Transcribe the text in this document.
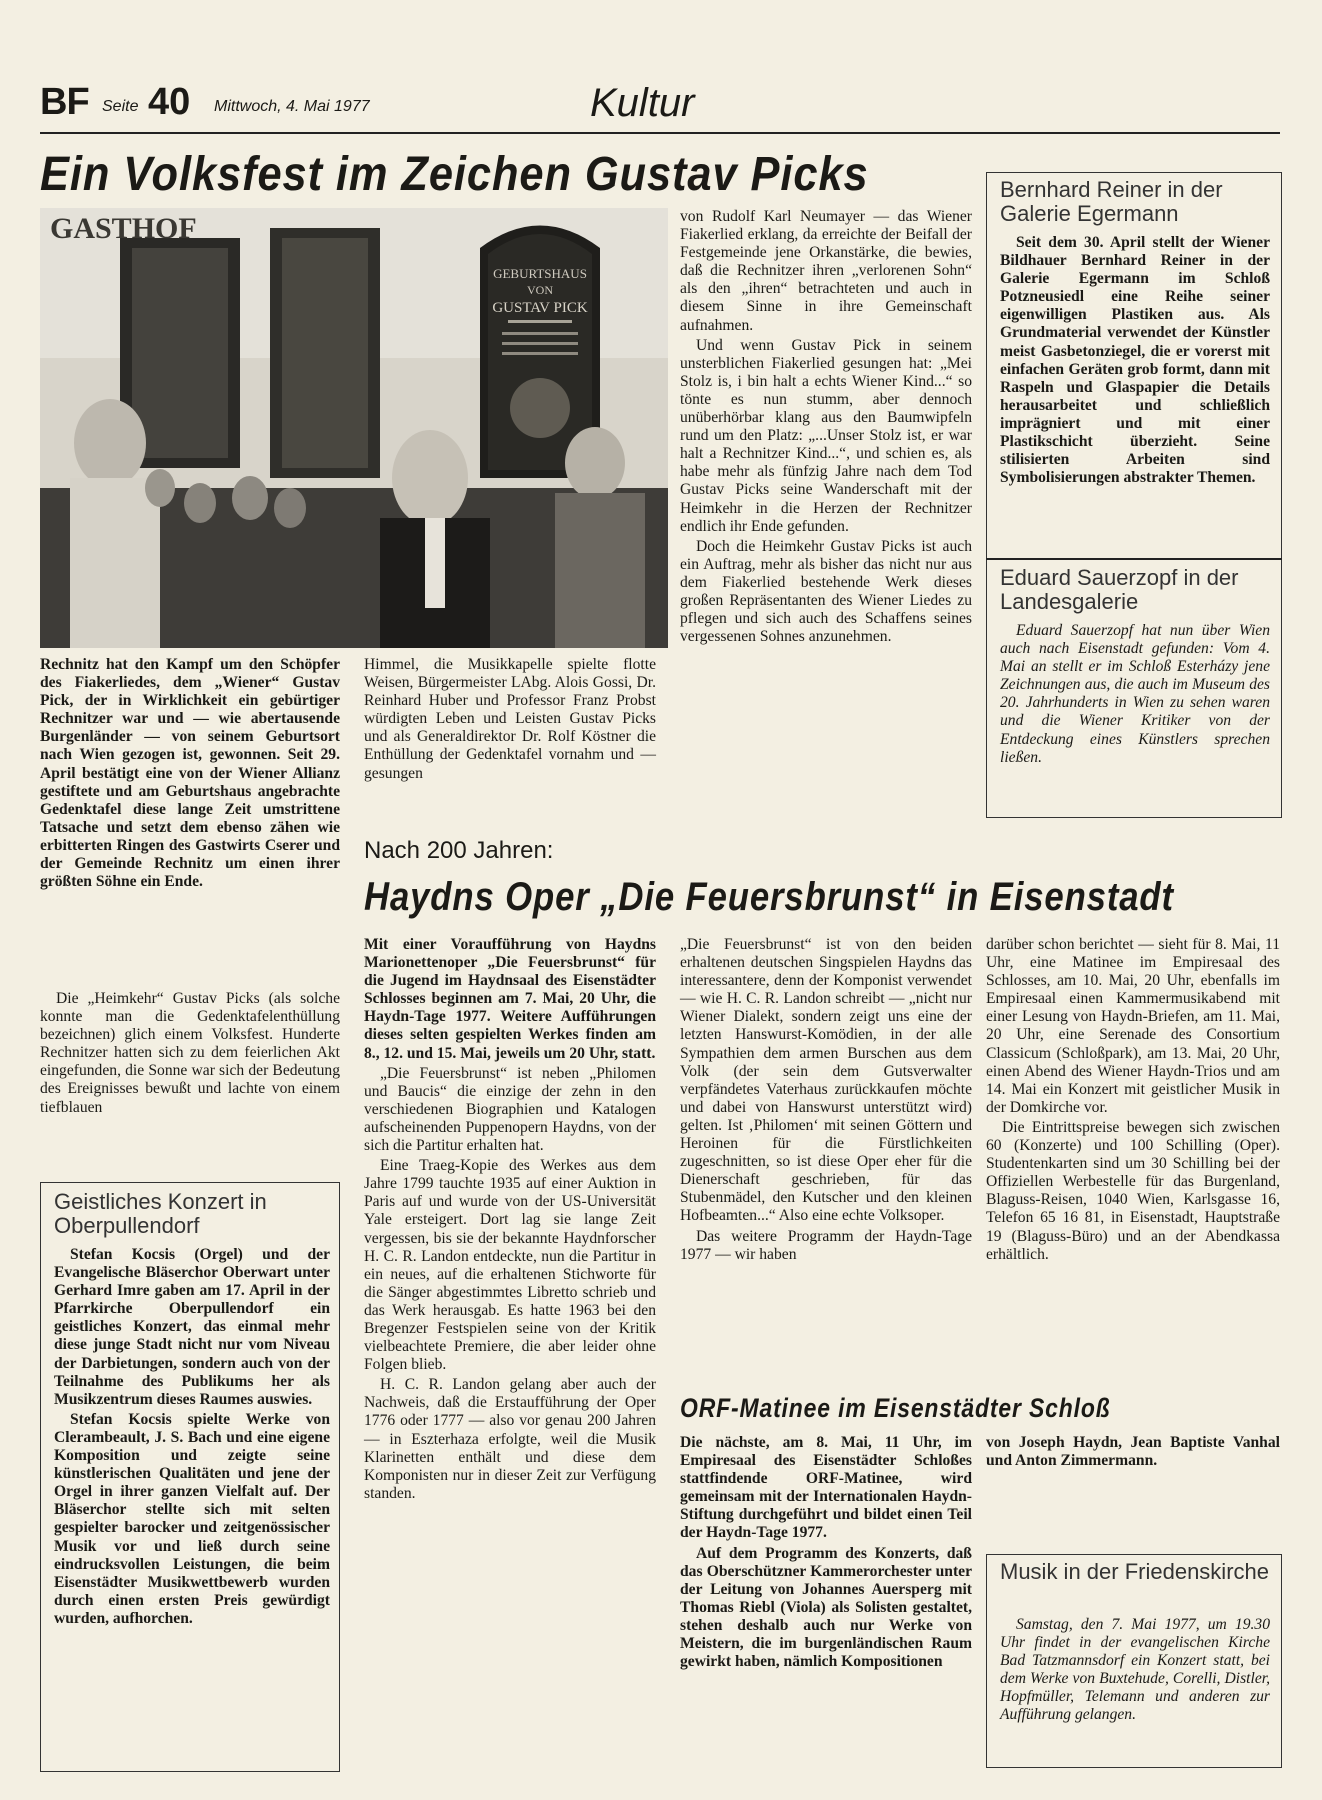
BF Seite 40 Mittwoch, 4. Mai 1977	Kultur
Ein Volksfest im Zeichen Gustav Picks
GEBURTSHAUS
VON
GUSTAV PICK
GASTHOF

Rechnitz hat den Kampf um den Schöpfer des Fiakerliedes, dem „Wiener“ Gustav Pick, der in Wirklichkeit ein gebürtiger Rechnitzer war und — wie abertausende Burgenländer — von seinem Geburtsort nach Wien gezogen ist, gewonnen. Seit 29. April bestätigt eine von der Wiener Allianz gestiftete und am Geburtshaus angebrachte Gedenktafel diese lange Zeit umstrittene Tatsache und setzt dem ebenso zähen wie erbitterten Ringen des Gastwirts Cserer und der Gemeinde Rechnitz um einen ihrer größten Söhne ein Ende.

Die „Heimkehr“ Gustav Picks (als solche konnte man die Gedenktafelenthüllung bezeichnen) glich einem Volksfest. Hunderte Rechnitzer hatten sich zu dem feierlichen Akt eingefunden, die Sonne war sich der Bedeutung des Ereignisses bewußt und lachte von einem tiefblauen

Himmel, die Musikkapelle spielte flotte Weisen, Bürgermeister LAbg. Alois Gossi, Dr. Reinhard Huber und Professor Franz Probst würdigten Leben und Leisten Gustav Picks und als Generaldirektor Dr. Rolf Köstner die Enthüllung der Gedenktafel vornahm und — gesungen

von Rudolf Karl Neumayer — das Wiener Fiakerlied erklang, da erreichte der Beifall der Festgemeinde jene Orkanstärke, die bewies, daß die Rechnitzer ihren „verlorenen Sohn“ als den „ihren“ betrachteten und auch in diesem Sinne in ihre Gemeinschaft aufnahmen.

Und wenn Gustav Pick in seinem unsterblichen Fiakerlied gesungen hat: „Mei Stolz is, i bin halt a echts Wiener Kind...“ so tönte es nun stumm, aber dennoch unüberhörbar klang aus den Baumwipfeln rund um den Platz: „...Unser Stolz ist, er war halt a Rechnitzer Kind...“, und schien es, als habe mehr als fünfzig Jahre nach dem Tod Gustav Picks seine Wanderschaft mit der Heimkehr in die Herzen der Rechnitzer endlich ihr Ende gefunden.

Doch die Heimkehr Gustav Picks ist auch ein Auftrag, mehr als bisher das nicht nur aus dem Fiakerlied bestehende Werk dieses großen Repräsentanten des Wiener Liedes zu pflegen und sich auch des Schaffens seines vergessenen Sohnes anzunehmen.

Bernhard Reiner in der Galerie Egermann

Seit dem 30. April stellt der Wiener Bildhauer Bernhard Reiner in der Galerie Egermann im Schloß Potzneusiedl eine Reihe seiner eigenwilligen Plastiken aus. Als Grundmaterial verwendet der Künstler meist Gasbetonziegel, die er vorerst mit einfachen Geräten grob formt, dann mit Raspeln und Glaspapier die Details herausarbeitet und schließlich imprägniert und mit einer Plastikschicht überzieht. Seine stilisierten Arbeiten sind Symbolisierungen abstrakter Themen.

Eduard Sauerzopf in der Landesgalerie

Eduard Sauerzopf hat nun über Wien auch nach Eisenstadt gefunden: Vom 4. Mai an stellt er im Schloß Esterházy jene Zeichnungen aus, die auch im Museum des 20. Jahrhunderts in Wien zu sehen waren und die Wiener Kritiker von der Entdeckung eines Künstlers sprechen ließen.

Nach 200 Jahren:
Haydns Oper „Die Feuersbrunst“ in Eisenstadt

Mit einer Voraufführung von Haydns Marionettenoper „Die Feuersbrunst“ für die Jugend im Haydnsaal des Eisenstädter Schlosses beginnen am 7. Mai, 20 Uhr, die Haydn-Tage 1977. Weitere Aufführungen dieses selten gespielten Werkes finden am 8., 12. und 15. Mai, jeweils um 20 Uhr, statt.

„Die Feuersbrunst“ ist neben „Philomen und Baucis“ die einzige der zehn in den verschiedenen Biographien und Katalogen aufscheinenden Puppenopern Haydns, von der sich die Partitur erhalten hat.

Eine Traeg-Kopie des Werkes aus dem Jahre 1799 tauchte 1935 auf einer Auktion in Paris auf und wurde von der US-Universität Yale ersteigert. Dort lag sie lange Zeit vergessen, bis sie der bekannte Haydnforscher H. C. R. Landon entdeckte, nun die Partitur in ein neues, auf die erhaltenen Stichworte für die Sänger abgestimmtes Libretto schrieb und das Werk herausgab. Es hatte 1963 bei den Bregenzer Festspielen seine von der Kritik vielbeachtete Premiere, die aber leider ohne Folgen blieb.

H. C. R. Landon gelang aber auch der Nachweis, daß die Erstaufführung der Oper 1776 oder 1777 — also vor genau 200 Jahren — in Eszterhaza erfolgte, weil die Musik Klarinetten enthält und diese dem Komponisten nur in dieser Zeit zur Verfügung standen.

„Die Feuersbrunst“ ist von den beiden erhaltenen deutschen Singspielen Haydns das interessantere, denn der Komponist verwendet — wie H. C. R. Landon schreibt — „nicht nur Wiener Dialekt, sondern zeigt uns eine der letzten Hanswurst-Komödien, in der alle Sympathien dem armen Burschen aus dem Volk (der sein dem Gutsverwalter verpfändetes Vaterhaus zurückkaufen möchte und dabei von Hanswurst unterstützt wird) gelten. Ist ‚Philomen‘ mit seinen Göttern und Heroinen für die Fürstlichkeiten zugeschnitten, so ist diese Oper eher für die Dienerschaft geschrieben, für das Stubenmädel, den Kutscher und den kleinen Hofbeamten...“ Also eine echte Volksoper.

Das weitere Programm der Haydn-Tage 1977 — wir haben

darüber schon berichtet — sieht für 8. Mai, 11 Uhr, eine Matinee im Empiresaal des Schlosses, am 10. Mai, 20 Uhr, ebenfalls im Empiresaal einen Kammermusikabend mit einer Lesung von Haydn-Briefen, am 11. Mai, 20 Uhr, eine Serenade des Consortium Classicum (Schloßpark), am 13. Mai, 20 Uhr, einen Abend des Wiener Haydn-Trios und am 14. Mai ein Konzert mit geistlicher Musik in der Domkirche vor.

Die Eintrittspreise bewegen sich zwischen 60 (Konzerte) und 100 Schilling (Oper). Studentenkarten sind um 30 Schilling bei der Offiziellen Werbestelle für das Burgenland, Blaguss-Reisen, 1040 Wien, Karlsgasse 16, Telefon 65 16 81, in Eisenstadt, Hauptstraße 19 (Blaguss-Büro) und an der Abendkassa erhältlich.

ORF-Matinee im Eisenstädter Schloß

Die nächste, am 8. Mai, 11 Uhr, im Empiresaal des Eisenstädter Schloßes stattfindende ORF-Matinee, wird gemeinsam mit der Internationalen Haydn-Stiftung durchgeführt und bildet einen Teil der Haydn-Tage 1977.

Auf dem Programm des Konzerts, daß das Oberschützner Kammerorchester unter der Leitung von Johannes Auersperg mit Thomas Riebl (Viola) als Solisten gestaltet, stehen deshalb auch nur Werke von Meistern, die im burgenländischen Raum gewirkt haben, nämlich Kompositionen

von Joseph Haydn, Jean Baptiste Vanhal und Anton Zimmermann.

Geistliches Konzert in Oberpullendorf

Stefan Kocsis (Orgel) und der Evangelische Bläserchor Oberwart unter Gerhard Imre gaben am 17. April in der Pfarrkirche Oberpullendorf ein geistliches Konzert, das einmal mehr diese junge Stadt nicht nur vom Niveau der Darbietungen, sondern auch von der Teilnahme des Publikums her als Musikzentrum dieses Raumes auswies.

Stefan Kocsis spielte Werke von Clerambeault, J. S. Bach und eine eigene Komposition und zeigte seine künstlerischen Qualitäten und jene der Orgel in ihrer ganzen Vielfalt auf. Der Bläserchor stellte sich mit selten gespielter barocker und zeitgenössischer Musik vor und ließ durch seine eindrucksvollen Leistungen, die beim Eisenstädter Musikwettbewerb wurden durch einen ersten Preis gewürdigt wurden, aufhorchen.

Musik in der Friedenskirche

Samstag, den 7. Mai 1977, um 19.30 Uhr findet in der evangelischen Kirche Bad Tatzmannsdorf ein Konzert statt, bei dem Werke von Buxtehude, Corelli, Distler, Hopfmüller, Telemann und anderen zur Aufführung gelangen.
